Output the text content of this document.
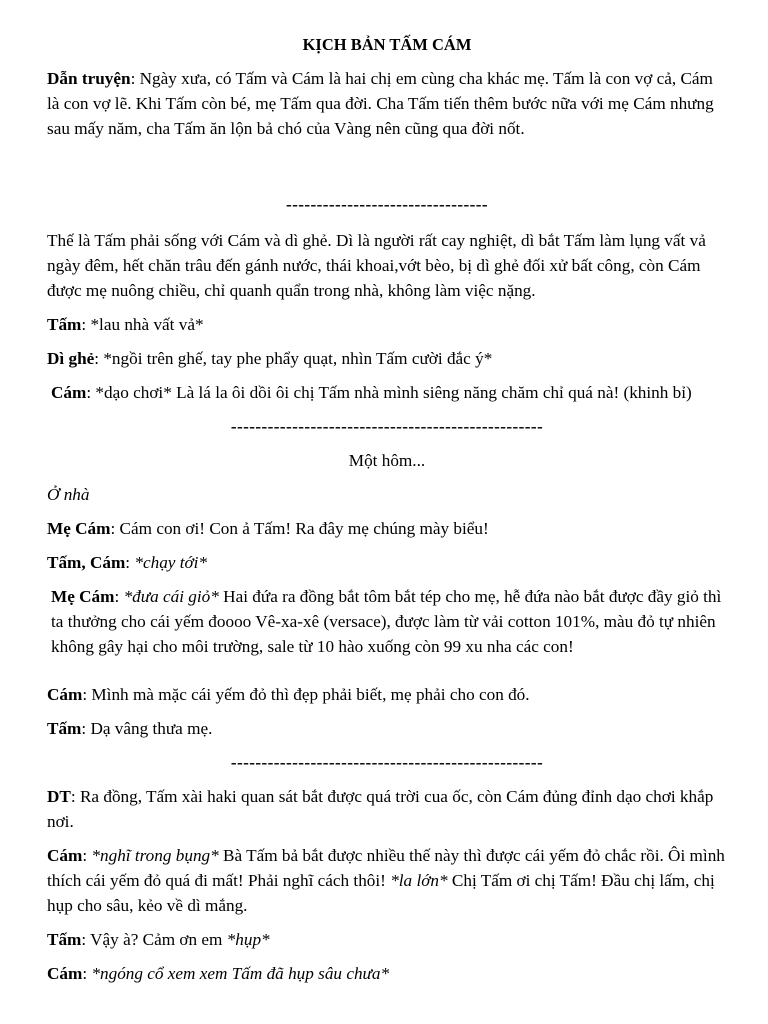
KỊCH BẢN TẤM CÁM

Dẫn truyện: Ngày xưa, có Tấm và Cám là hai chị em cùng cha khác mẹ. Tấm là con vợ cả, Cám là con vợ lẽ. Khi Tấm còn bé, mẹ Tấm qua đời. Cha Tấm tiến thêm bước nữa với mẹ Cám nhưng sau mấy năm, cha Tấm ăn lộn bả chó của Vàng nên cũng qua đời nốt.

---------------------------------

Thế là Tấm phải sống với Cám và dì ghẻ. Dì là người rất cay nghiệt, dì bắt Tấm làm lụng vất vả ngày đêm, hết chăn trâu đến gánh nước, thái khoai,vớt bèo, bị dì ghẻ đối xử bất công, còn Cám được mẹ nuông chiều, chỉ quanh quẩn trong nhà, không làm việc nặng.

Tấm: *lau nhà vất vả*

Dì ghẻ: *ngồi trên ghế, tay phe phẩy quạt, nhìn Tấm cười đắc ý*

Cám: *dạo chơi* Là lá la ôi dồi ôi chị Tấm nhà mình siêng năng chăm chỉ quá nà! (khinh bỉ)

---------------------------------------------------

Một hôm...

Ở nhà

Mẹ Cám: Cám con ơi! Con ả Tấm! Ra đây mẹ chúng mày biểu!

Tấm, Cám: *chạy tới*

Mẹ Cám: *đưa cái giỏ* Hai đứa ra đồng bắt tôm bắt tép cho mẹ, hễ đứa nào bắt được đầy giỏ thì ta thưởng cho cái yếm đoooo Vê-xa-xê (versace), được làm từ vải cotton 101%, màu đỏ tự nhiên không gây hại cho môi trường, sale từ 10 hào xuống còn 99 xu nha các con!

Cám: Mình mà mặc cái yếm đỏ thì đẹp phải biết, mẹ phải cho con đó.

Tấm: Dạ vâng thưa mẹ.

---------------------------------------------------

DT: Ra đồng, Tấm xài haki quan sát bắt được quá trời cua ốc, còn Cám đủng đỉnh dạo chơi khắp nơi.

Cám: *nghĩ trong bụng* Bà Tấm bả bắt được nhiều thế này thì được cái yếm đỏ chắc rồi. Ôi mình thích cái yếm đỏ quá đi mất! Phải nghĩ cách thôi! *la lớn* Chị Tấm ơi chị Tấm! Đầu chị lấm, chị hụp cho sâu, kẻo về dì mắng.

Tấm: Vậy à? Cảm ơn em *hụp*

Cám: *ngóng cổ xem xem Tấm đã hụp sâu chưa*
